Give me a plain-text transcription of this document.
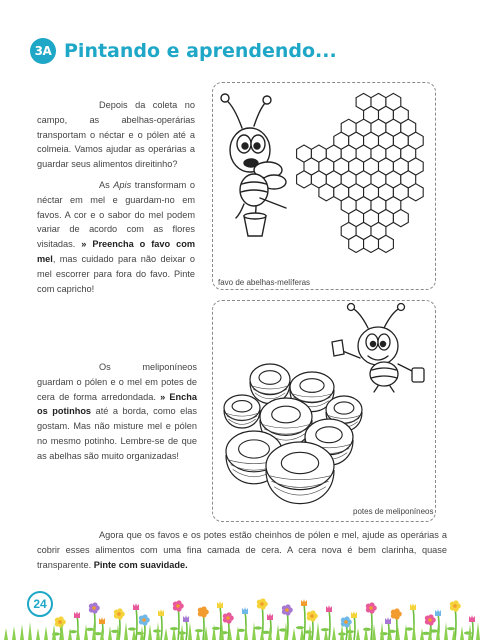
3A Pintando e aprendendo...

Depois da coleta no campo, as abelhas-operárias transportam o néctar e o pólen até a colmeia. Vamos ajudar as operárias a guardar seus alimentos direitinho?

As Apis transformam o néctar em mel e guardam-no em favos. A cor e o sabor do mel podem variar de acordo com as flores visitadas. » Preencha o favo com mel, mas cuidado para não deixar o mel escorrer para fora do favo. Pinte com capricho!

favo de abelhas-melíferas

Os meliponíneos guardam o pólen e o mel em potes de cera de forma arredondada. » Encha os potinhos até a borda, como elas gostam. Mas não misture mel e pólen no mesmo potinho. Lembre-se de que as abelhas são muito organizadas!

potes de meliponíneos

Agora que os favos e os potes estão cheinhos de pólen e mel, ajude as operárias a cobrir esses alimentos com uma fina camada de cera. A cera nova é bem clarinha, quase transparente. Pinte com suavidade.

24
